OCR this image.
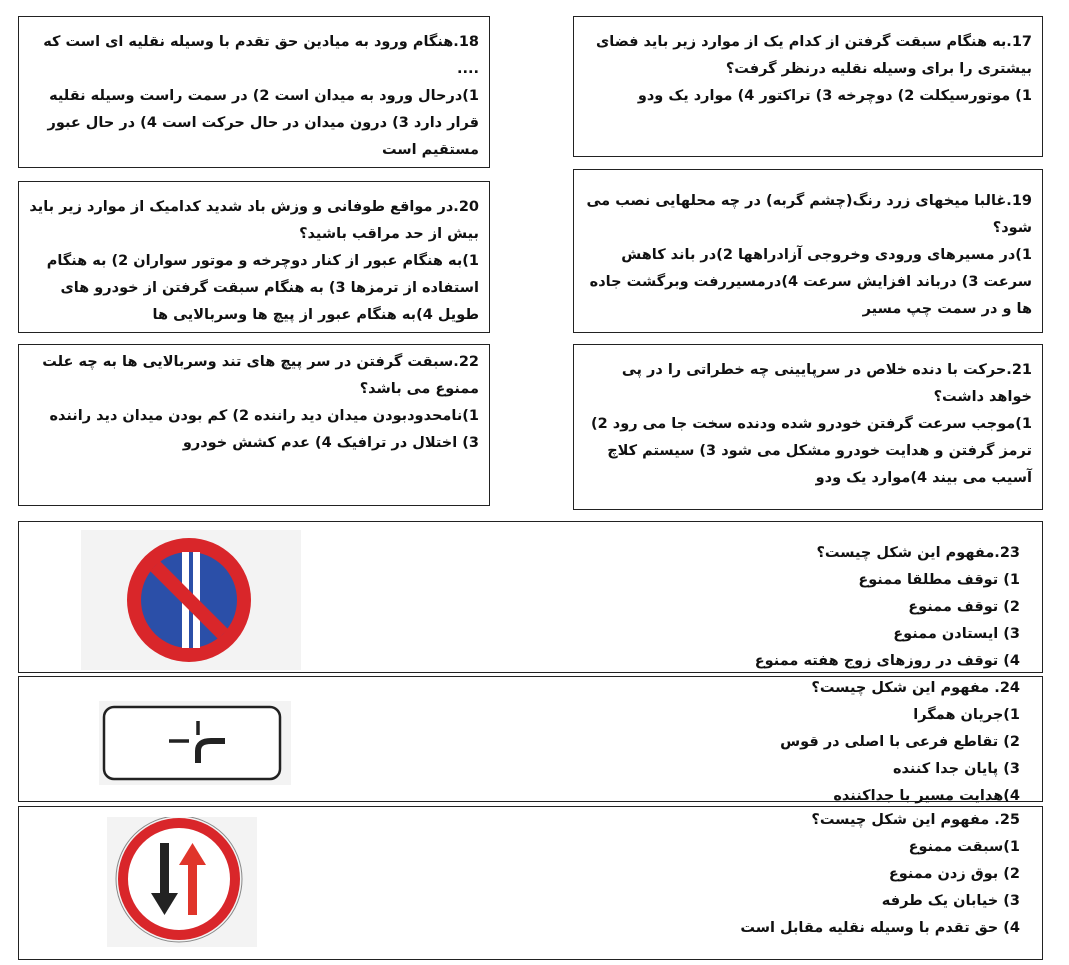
17.به هنگام سبقت گرفتن از کدام یک از موارد زیر باید فضای بیشتری را برای وسیله نقلیه درنظر گرفت؟

1) موتورسیکلت 2) دوچرخه 3) تراکتور 4) موارد یک ودو

18.هنگام ورود به میادین حق تقدم با وسیله نقلیه ای است که ....

1)درحال ورود به میدان است 2) در سمت راست وسیله نقلیه قرار دارد 3) درون میدان در حال حرکت است 4) در حال عبور مستقیم است

19.غالبا میخهای زرد رنگ(چشم گربه) در چه محلهایی نصب می شود؟

1)در مسیرهای ورودی وخروجی آزادراهها 2)در باند کاهش سرعت 3) درباند افزایش سرعت 4)درمسیررفت وبرگشت جاده ها و در سمت چپ مسیر

20.در مواقع طوفانی و وزش باد شدید کدامیک از موارد زیر باید بیش از حد مراقب باشید؟

1)به هنگام عبور از کنار دوچرخه و موتور سواران 2) به هنگام استفاده از ترمزها 3) به هنگام سبقت گرفتن از خودرو های طویل 4)به هنگام عبور از پیچ ها وسربالایی ها

21.حرکت با دنده خلاص در سرپایینی چه خطراتی را در پی خواهد داشت؟

1)موجب سرعت گرفتن خودرو شده ودنده سخت جا می رود 2) ترمز گرفتن و هدایت خودرو مشکل می شود 3) سیستم کلاچ آسیب می بیند 4)موارد یک ودو

22.سبقت گرفتن در سر پیچ های تند وسربالایی ها به چه علت ممنوع می باشد؟

1)نامحدودبودن میدان دید راننده 2) کم بودن میدان دید راننده 3) اختلال در ترافیک 4) عدم کشش خودرو

23.مفهوم این شکل چیست؟

1) توقف مطلقا ممنوع

2) توقف ممنوع

3) ایستادن ممنوع

4) توقف در روزهای زوج هفته ممنوع

24. مفهوم این شکل چیست؟

1)جریان همگرا

2) تقاطع فرعی با اصلی در قوس

3) پایان جدا کننده

4)هدایت مسیر با جداکننده

25. مفهوم این شکل چیست؟

1)سبقت ممنوع

2) بوق زدن ممنوع

3) خیابان یک طرفه

4) حق تقدم با وسیله نقلیه مقابل است
